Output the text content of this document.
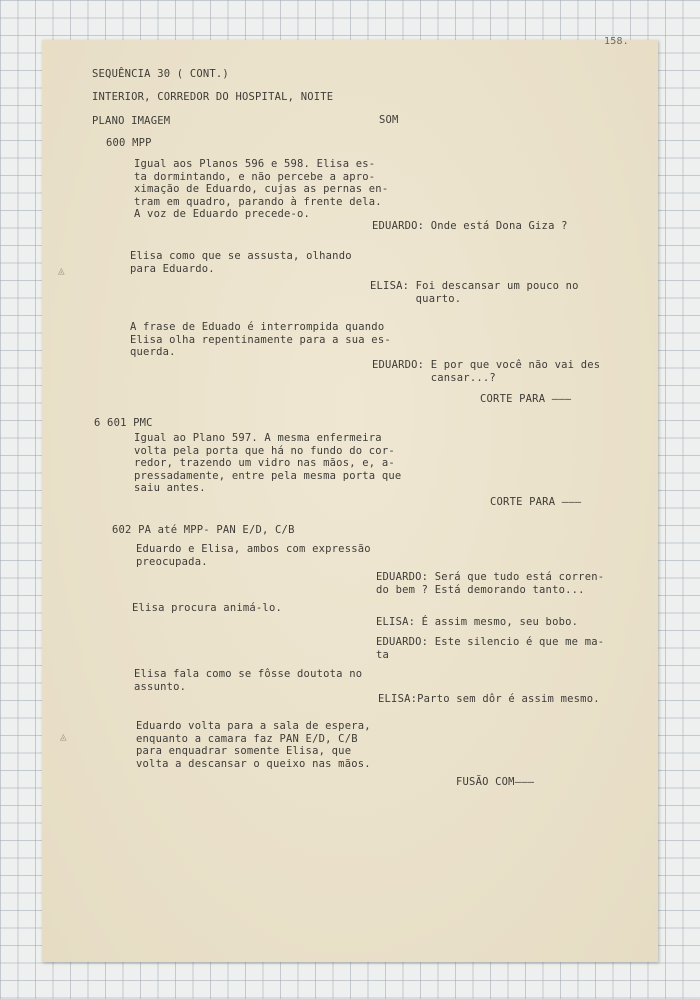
158.
SEQUÊNCIA 30 ( CONT.)
INTERIOR, CORREDOR DO HOSPITAL, NOITE
PLANO IMAGEM	SOM
600 MPP
Igual aos Planos 596 e 598. Elisa es-
ta dormintando, e não percebe a apro-
ximação de Eduardo, cujas as pernas en-
tram em quadro, parando à frente dela.
A voz de Eduardo precede-o.
EDUARDO: Onde está Dona Giza ?
Elisa como que se assusta, olhando
para Eduardo.
ELISA: Foi descansar um pouco no
quarto.
A frase de Eduado é interrompida quando
Elisa olha repentinamente para a sua es-
querda.
EDUARDO: E por que você não vai des
cansar...?
CORTE PARA ———
6 601 PMC
Igual ao Plano 597. A mesma enfermeira
volta pela porta que há no fundo do cor-
redor, trazendo um vidro nas mãos, e, a-
pressadamente, entre pela mesma porta que
saiu antes.
CORTE PARA ———
602 PA até MPP- PAN E/D, C/B
Eduardo e Elisa, ambos com expressão
preocupada.
EDUARDO: Será que tudo está corren-
do bem ? Está demorando tanto...
Elisa procura animá-lo.
ELISA: É assim mesmo, seu bobo.
EDUARDO: Este silencio é que me ma-
ta
Elisa fala como se fôsse doutota no
assunto.
ELISA:Parto sem dôr é assim mesmo.
Eduardo volta para a sala de espera,
enquanto a camara faz PAN E/D, C/B
para enquadrar somente Elisa, que
volta a descansar o queixo nas mãos.
FUSÃO COM———
◬
◬
